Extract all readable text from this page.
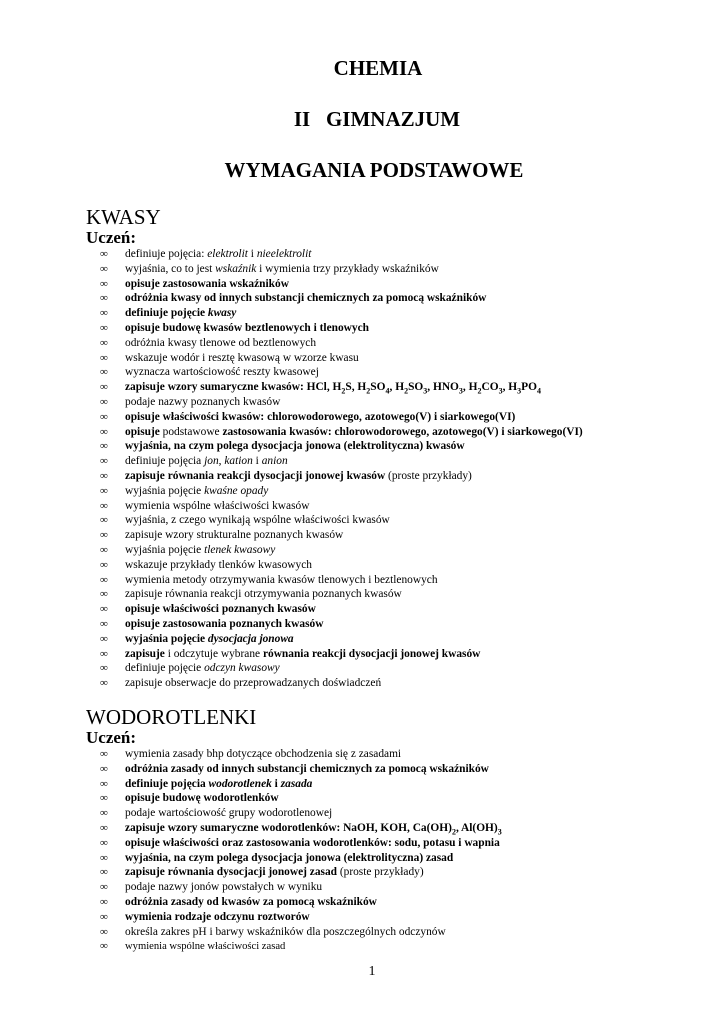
CHEMIA
II   GIMNAZJUM
WYMAGANIA PODSTAWOWE
KWASY
Uczeń:
∞ definiuje pojęcia: elektrolit i nieelektrolit
∞ wyjaśnia, co to jest wskaźnik i wymienia trzy przykłady wskaźników
∞ opisuje zastosowania wskaźników
∞ odróżnia kwasy od innych substancji chemicznych za pomocą wskaźników
∞ definiuje pojęcie kwasy
∞ opisuje budowę kwasów beztlenowych i tlenowych
∞ odróżnia kwasy tlenowe od beztlenowych
∞ wskazuje wodór i resztę kwasową w wzorze kwasu
∞ wyznacza wartościowość reszty kwasowej
∞ zapisuje wzory sumaryczne kwasów: HCl, $H_2S$, $H_2SO_4$, $H_2SO_3$, $HNO_3$, $H_2CO_3$, $H_3PO_4$
∞ podaje nazwy poznanych kwasów
∞ opisuje właściwości kwasów: chlorowodorowego, azotowego(V) i siarkowego(VI)
∞ opisuje podstawowe zastosowania kwasów: chlorowodorowego, azotowego(V) i siarkowego(VI)
∞ wyjaśnia, na czym polega dysocjacja jonowa (elektrolityczna) kwasów
∞ definiuje pojęcia jon, kation i anion
∞ zapisuje równania reakcji dysocjacji jonowej kwasów (proste przykłady)
∞ wyjaśnia pojęcie kwaśne opady
∞ wymienia wspólne właściwości kwasów
∞ wyjaśnia, z czego wynikają wspólne właściwości kwasów
∞ zapisuje wzory strukturalne poznanych kwasów
∞ wyjaśnia pojęcie tlenek kwasowy
∞ wskazuje przykłady tlenków kwasowych
∞ wymienia metody otrzymywania kwasów tlenowych i beztlenowych
∞ zapisuje równania reakcji otrzymywania poznanych kwasów
∞ opisuje właściwości poznanych kwasów
∞ opisuje zastosowania poznanych kwasów
∞ wyjaśnia pojęcie dysocjacja jonowa
∞ zapisuje i odczytuje wybrane równania reakcji dysocjacji jonowej kwasów
∞ definiuje pojęcie odczyn kwasowy
∞ zapisuje obserwacje do przeprowadzanych doświadczeń
WODOROTLENKI
Uczeń:
∞ wymienia zasady bhp dotyczące obchodzenia się z zasadami
∞ odróżnia zasady od innych substancji chemicznych za pomocą wskaźników
∞ definiuje pojęcia wodorotlenek i zasada
∞ opisuje budowę wodorotlenków
∞ podaje wartościowość grupy wodorotlenowej
∞ zapisuje wzory sumaryczne wodorotlenków: NaOH, KOH, $Ca(OH)_2$, $Al(OH)_3$
∞ opisuje właściwości oraz zastosowania wodorotlenków: sodu, potasu i wapnia
∞ wyjaśnia, na czym polega dysocjacja jonowa (elektrolityczna) zasad
∞ zapisuje równania dysocjacji jonowej zasad (proste przykłady)
∞ podaje nazwy jonów powstałych w wyniku
∞ odróżnia zasady od kwasów za pomocą wskaźników
∞ wymienia rodzaje odczynu roztworów
∞ określa zakres pH i barwy wskaźników dla poszczególnych odczynów
∞ wymienia wspólne właściwości zasad
1
